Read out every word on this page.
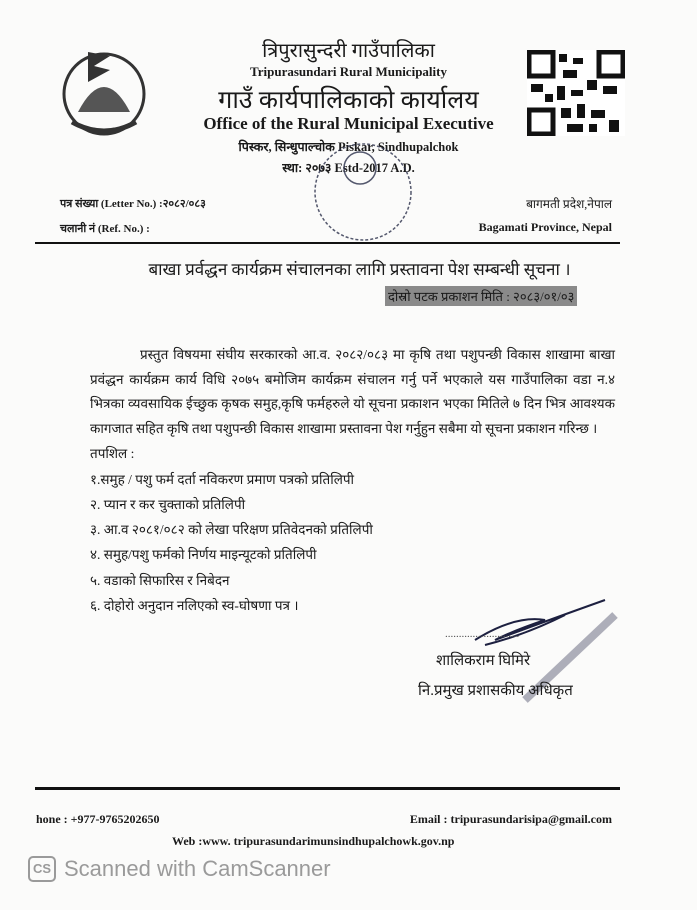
त्रिपुरासुन्दरी गाउँपालिका
Tripurasundari Rural Municipality
गाउँ कार्यपालिकाको कार्यालय
Office of the Rural Municipal Executive
पिस्कर, सिन्धुपाल्चोक Piskar, Sindhupalchok
स्था: २०७३ Estd-2017 A.D.
पत्र संख्या (Letter No.) :२०८२/०८३
चलानी नं (Ref. No.) :
बागमती प्रदेश,नेपाल
Bagamati Province, Nepal
बाखा प्रर्वद्धन कार्यक्रम संचालनका लागि प्रस्तावना पेश सम्बन्धी सूचना ।
दोस्रो पटक प्रकाशन मिति : २०८३/०१/०३
प्रस्तुत विषयमा संघीय सरकारको आ.व. २०८२/०८३ मा कृषि तथा पशुपन्छी विकास शाखामा बाखा प्रवंद्धन कार्यक्रम कार्य विधि २०७५ बमोजिम कार्यक्रम संचालन गर्नु पर्ने भएकाले यस गाउँपालिका वडा न.४ भित्रका व्यवसायिक ईच्छुक कृषक समुह,कृषि फर्महरुले यो सूचना प्रकाशन भएका मितिले ७ दिन भित्र आवश्यक कागजात सहित कृषि तथा पशुपन्छी विकास शाखामा प्रस्तावना पेश गर्नुहुन सबैमा यो सूचना प्रकाशन गरिन्छ ।
तपशिल :
१.समुह / पशु फर्म दर्ता नविकरण प्रमाण पत्रको प्रतिलिपी
२. प्यान र कर चुक्ताको प्रतिलिपी
३. आ.व २०८१/०८२ को लेखा परिक्षण प्रतिवेदनको प्रतिलिपी
४. समुह/पशु फर्मको निर्णय माइन्यूटको प्रतिलिपी
५. वडाको सिफारिस र निबेदन
६. दोहोरो अनुदान नलिएको स्व-घोषणा पत्र ।
...........................
शालिकराम घिमिरे
नि.प्रमुख प्रशासकीय अधिकृत
hone : +977-9765202650	Email : tripurasundarisipa@gmail.com
Web :www. tripurasundarimunsindhupalchowk.gov.np
CS Scanned with CamScanner
